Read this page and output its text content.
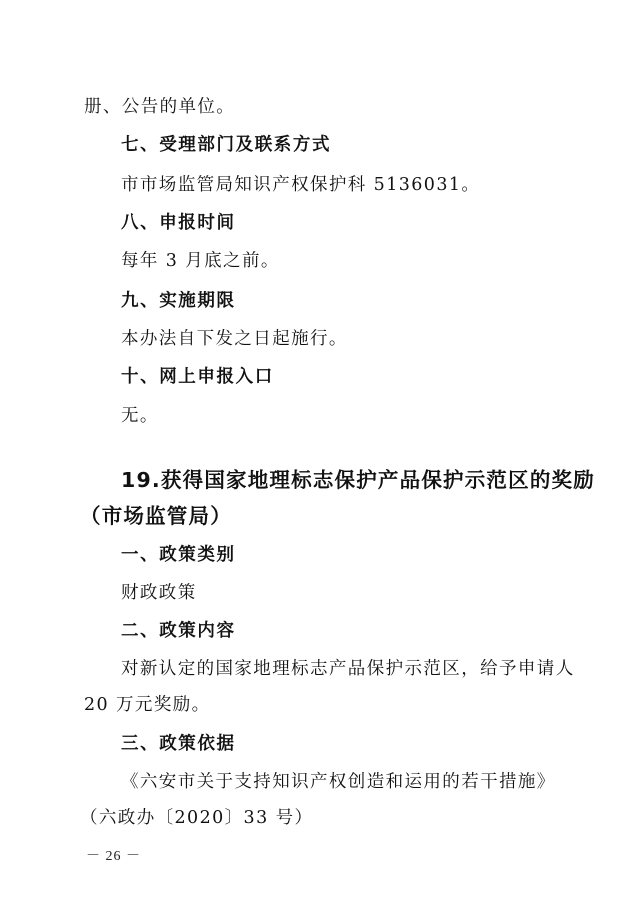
册、公告的单位。
七、受理部门及联系方式
市市场监管局知识产权保护科 5136031。
八、申报时间
每年 3 月底之前。
九、实施期限
本办法自下发之日起施行。
十、网上申报入口
无。
19.获得国家地理标志保护产品保护示范区的奖励
（市场监管局）
一、政策类别
财政政策
二、政策内容
对新认定的国家地理标志产品保护示范区，给予申请人
20 万元奖励。
三、政策依据
《六安市关于支持知识产权创造和运用的若干措施》
（六政办〔2020〕33 号）
－ 26 －
